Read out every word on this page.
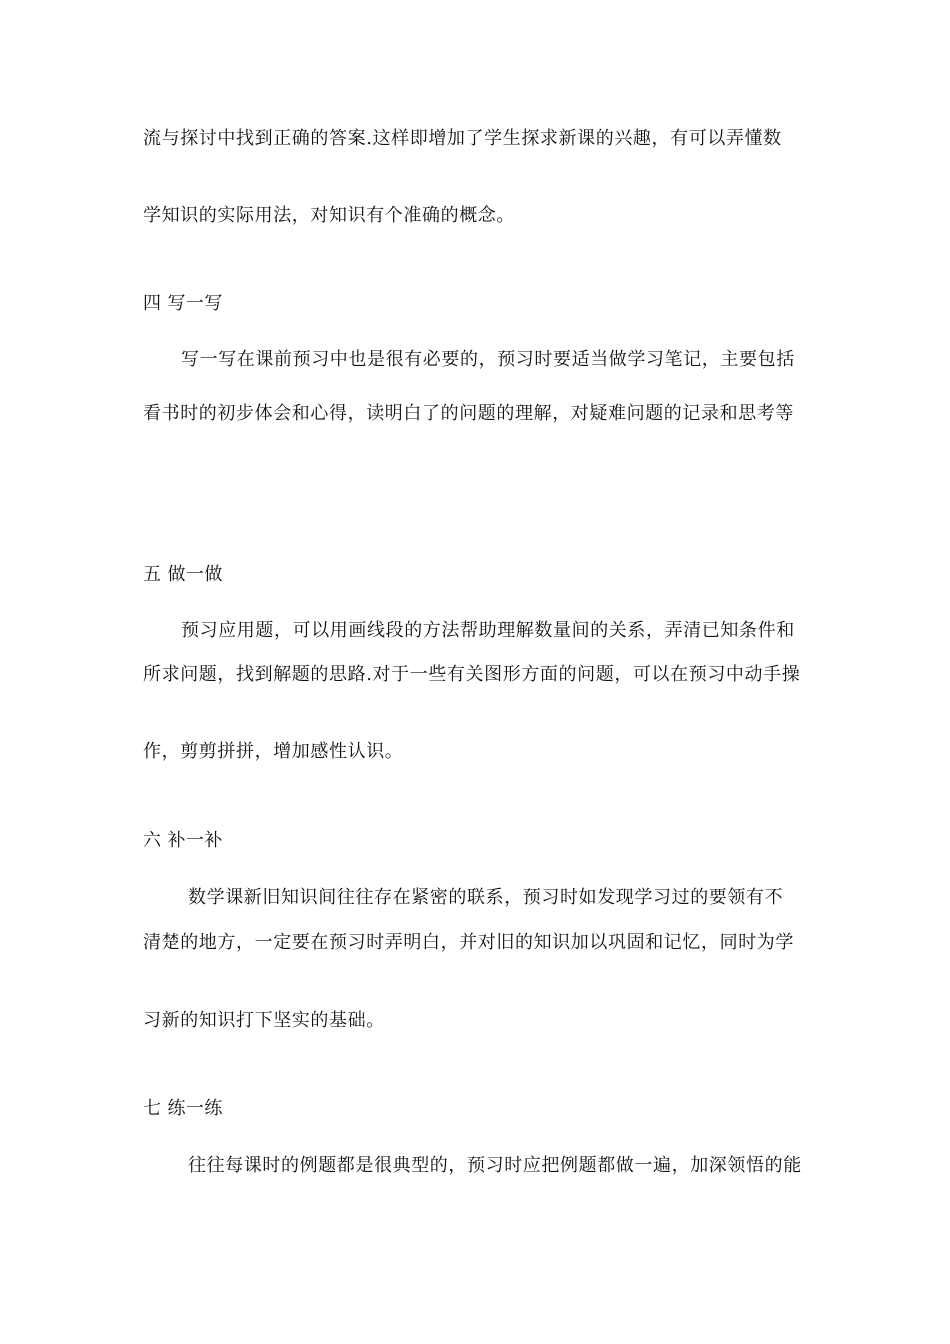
流与探讨中找到正确的答案.这样即增加了学生探求新课的兴趣，有可以弄懂数
学知识的实际用法，对知识有个准确的概念。
四 写一写
写一写在课前预习中也是很有必要的，预习时要适当做学习笔记，主要包括
看书时的初步体会和心得，读明白了的问题的理解，对疑难问题的记录和思考等
五 做一做
预习应用题，可以用画线段的方法帮助理解数量间的关系，弄清已知条件和
所求问题，找到解题的思路.对于一些有关图形方面的问题，可以在预习中动手操
作，剪剪拼拼，增加感性认识。
六 补一补
数学课新旧知识间往往存在紧密的联系，预习时如发现学习过的要领有不
清楚的地方，一定要在预习时弄明白，并对旧的知识加以巩固和记忆，同时为学
习新的知识打下坚实的基础。
七 练一练
往往每课时的例题都是很典型的，预习时应把例题都做一遍，加深领悟的能
